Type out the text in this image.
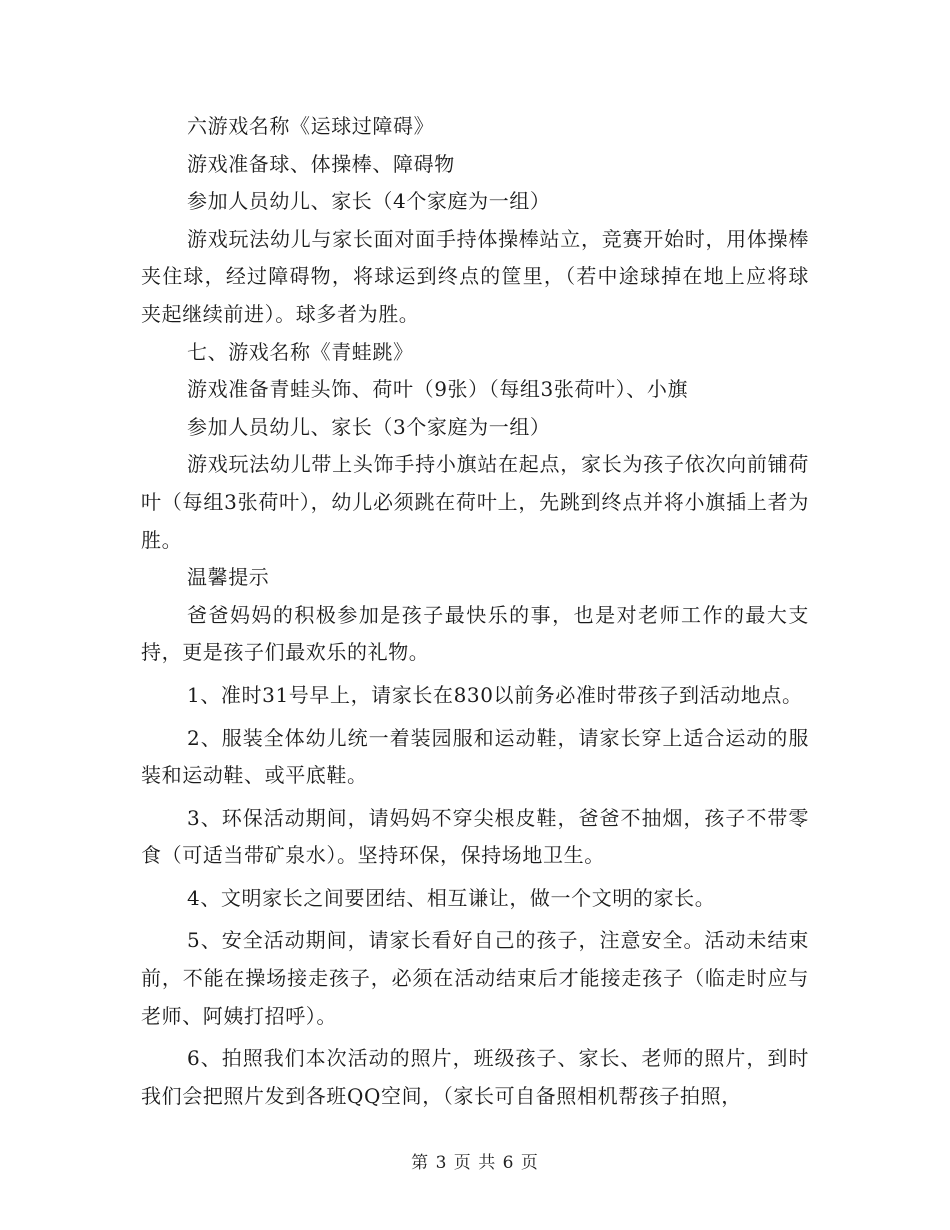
六游戏名称《运球过障碍》

游戏准备球、体操棒、障碍物

参加人员幼儿、家长（4个家庭为一组）

游戏玩法幼儿与家长面对面手持体操棒站立，竞赛开始时，用体操棒夹住球，经过障碍物，将球运到终点的筐里，（若中途球掉在地上应将球夹起继续前进）。球多者为胜。

七、游戏名称《青蛙跳》

游戏准备青蛙头饰、荷叶（9张）（每组3张荷叶）、小旗

参加人员幼儿、家长（3个家庭为一组）

游戏玩法幼儿带上头饰手持小旗站在起点，家长为孩子依次向前铺荷叶（每组3张荷叶），幼儿必须跳在荷叶上，先跳到终点并将小旗插上者为胜。

温馨提示

爸爸妈妈的积极参加是孩子最快乐的事，也是对老师工作的最大支持，更是孩子们最欢乐的礼物。

1、准时31号早上，请家长在830以前务必准时带孩子到活动地点。

2、服装全体幼儿统一着装园服和运动鞋，请家长穿上适合运动的服装和运动鞋、或平底鞋。

3、环保活动期间，请妈妈不穿尖根皮鞋，爸爸不抽烟，孩子不带零食（可适当带矿泉水）。坚持环保，保持场地卫生。

4、文明家长之间要团结、相互谦让，做一个文明的家长。

5、安全活动期间，请家长看好自己的孩子，注意安全。活动未结束前，不能在操场接走孩子，必须在活动结束后才能接走孩子（临走时应与老师、阿姨打招呼）。

6、拍照我们本次活动的照片，班级孩子、家长、老师的照片，到时我们会把照片发到各班QQ空间，（家长可自备照相机帮孩子拍照，

第 3 页 共 6 页
